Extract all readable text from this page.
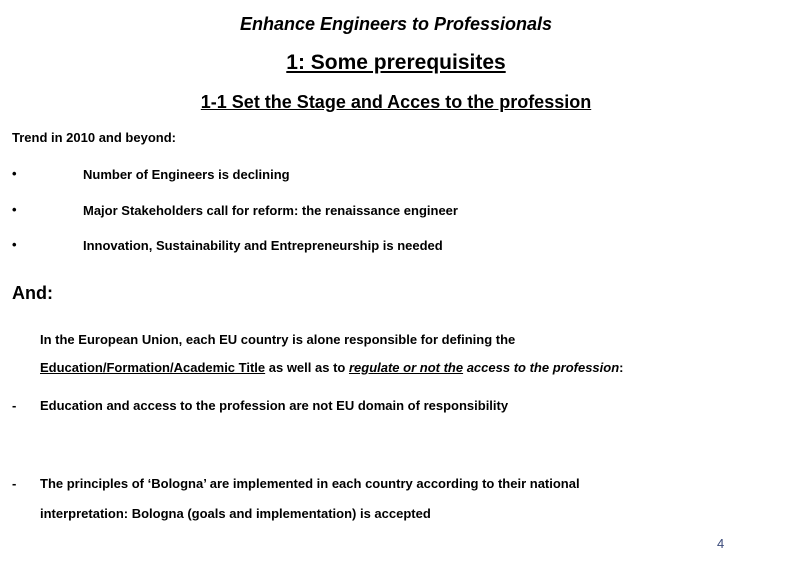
Enhance Engineers to Professionals
1: Some prerequisites
1-1 Set the Stage and Acces to the profession
Trend in 2010 and beyond:
•	Number of Engineers is declining
•	Major Stakeholders call for reform: the renaissance engineer
•	Innovation, Sustainability and Entrepreneurship is needed
And:
In the European Union, each EU country is alone responsible for defining the
Education/Formation/Academic Title as well as to regulate or not the access to the profession:
- Education and access to the profession are not EU domain of responsibility
- The principles of ‘Bologna’ are implemented in each country according to their national
interpretation: Bologna (goals and implementation) is accepted
4
